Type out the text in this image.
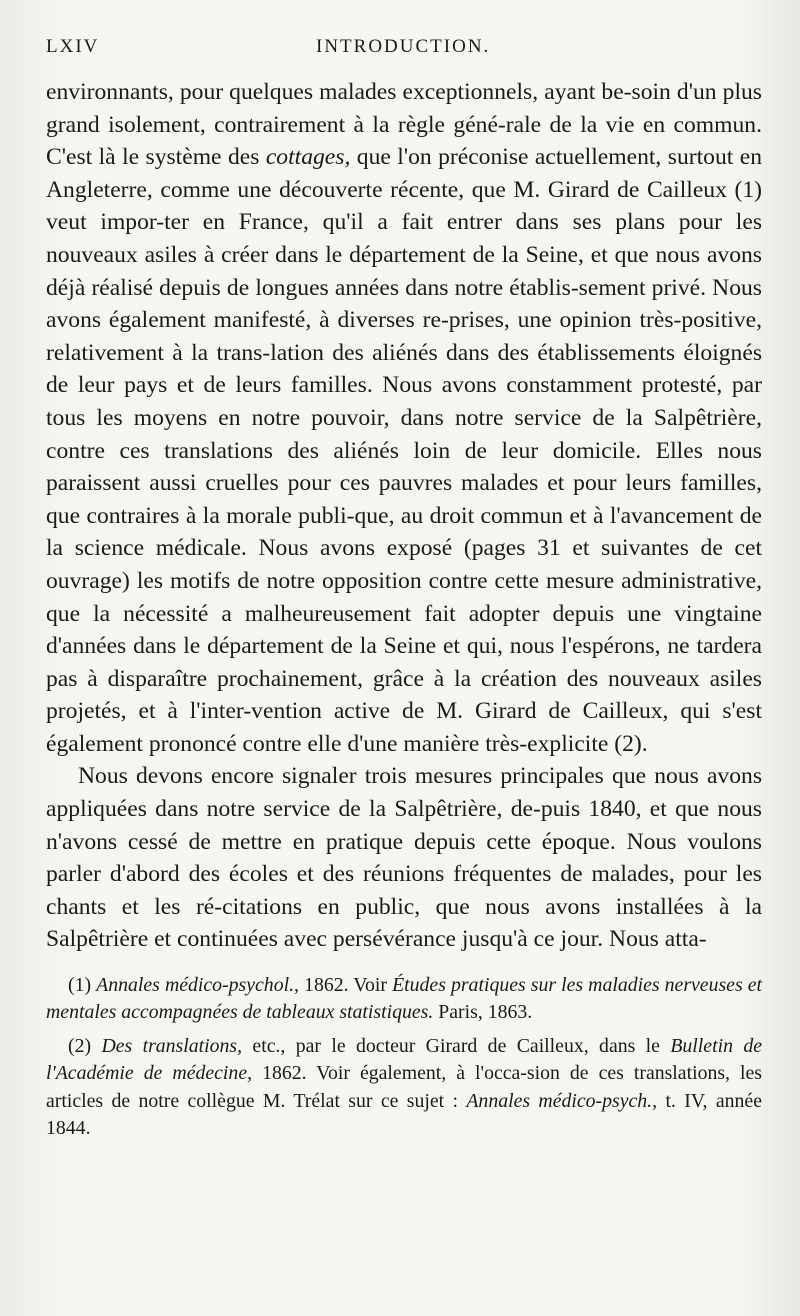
LXIV	INTRODUCTION.

environnants, pour quelques malades exceptionnels, ayant be-soin d'un plus grand isolement, contrairement à la règle géné-rale de la vie en commun. C'est là le système des cottages, que l'on préconise actuellement, surtout en Angleterre, comme une découverte récente, que M. Girard de Cailleux (1) veut impor-ter en France, qu'il a fait entrer dans ses plans pour les nouveaux asiles à créer dans le département de la Seine, et que nous avons déjà réalisé depuis de longues années dans notre établis-sement privé. Nous avons également manifesté, à diverses re-prises, une opinion très-positive, relativement à la trans-lation des aliénés dans des établissements éloignés de leur pays et de leurs familles. Nous avons constamment protesté, par tous les moyens en notre pouvoir, dans notre service de la Salpêtrière, contre ces translations des aliénés loin de leur domicile. Elles nous paraissent aussi cruelles pour ces pauvres malades et pour leurs familles, que contraires à la morale publi-que, au droit commun et à l'avancement de la science médicale. Nous avons exposé (pages 31 et suivantes de cet ouvrage) les motifs de notre opposition contre cette mesure administrative, que la nécessité a malheureusement fait adopter depuis une vingtaine d'années dans le département de la Seine et qui, nous l'espérons, ne tardera pas à disparaître prochainement, grâce à la création des nouveaux asiles projetés, et à l'inter-vention active de M. Girard de Cailleux, qui s'est également prononcé contre elle d'une manière très-explicite (2).

Nous devons encore signaler trois mesures principales que nous avons appliquées dans notre service de la Salpêtrière, de-puis 1840, et que nous n'avons cessé de mettre en pratique depuis cette époque. Nous voulons parler d'abord des écoles et des réunions fréquentes de malades, pour les chants et les ré-citations en public, que nous avons installées à la Salpêtrière et continuées avec persévérance jusqu'à ce jour. Nous atta-

(1) Annales médico-psychol., 1862. Voir Études pratiques sur les maladies nerveuses et mentales accompagnées de tableaux statistiques. Paris, 1863.

(2) Des translations, etc., par le docteur Girard de Cailleux, dans le Bulletin de l'Académie de médecine, 1862. Voir également, à l'occa-sion de ces translations, les articles de notre collègue M. Trélat sur ce sujet : Annales médico-psych., t. IV, année 1844.
